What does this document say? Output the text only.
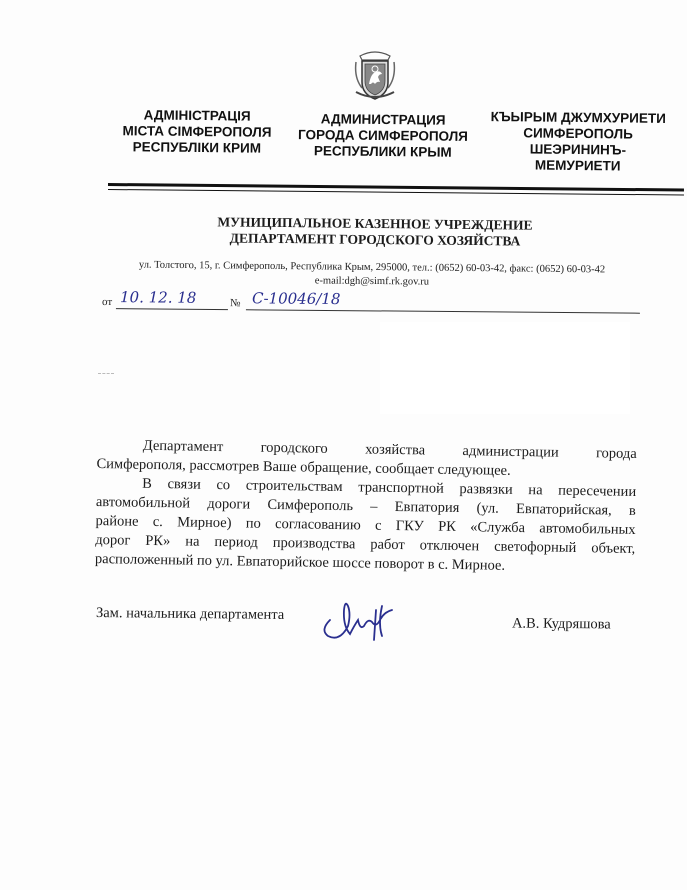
АДМІНІСТРАЦІЯ
МІСТА СІМФЕРОПОЛЯ
РЕСПУБЛІКИ КРИМ
АДМИНИСТРАЦИЯ
ГОРОДА СИМФЕРОПОЛЯ
РЕСПУБЛИКИ КРЫМ
КЪЫРЫМ ДЖУМХУРИЕТИ
СИМФЕРОПОЛЬ
ШЕЭРИНИНЪ-
МЕМУРИЕТИ
МУНИЦИПАЛЬНОЕ КАЗЕННОЕ УЧРЕЖДЕНИЕ
ДЕПАРТАМЕНТ ГОРОДСКОГО ХОЗЯЙСТВА
ул. Толстого, 15, г. Симферополь, Республика Крым, 295000, тел.: (0652) 60-03-42, факс: (0652) 60-03-42
e-mail:dgh@simf.rk.gov.ru
от 10. 12. 18	№ С-10046/18
Департамент городского хозяйства администрации города
Симферополя, рассмотрев Ваше обращение, сообщает следующее.
В связи со строительствам транспортной развязки на пересечении
автомобильной дороги Симферополь – Евпатория (ул. Евпаторийская, в
районе с. Мирное) по согласованию с ГКУ РК «Служба автомобильных
дорог РК» на период производства работ отключен светофорный объект,
расположенный по ул. Евпаторийское шоссе поворот в с. Мирное.
Зам. начальника департамента
А.В. Кудряшова
